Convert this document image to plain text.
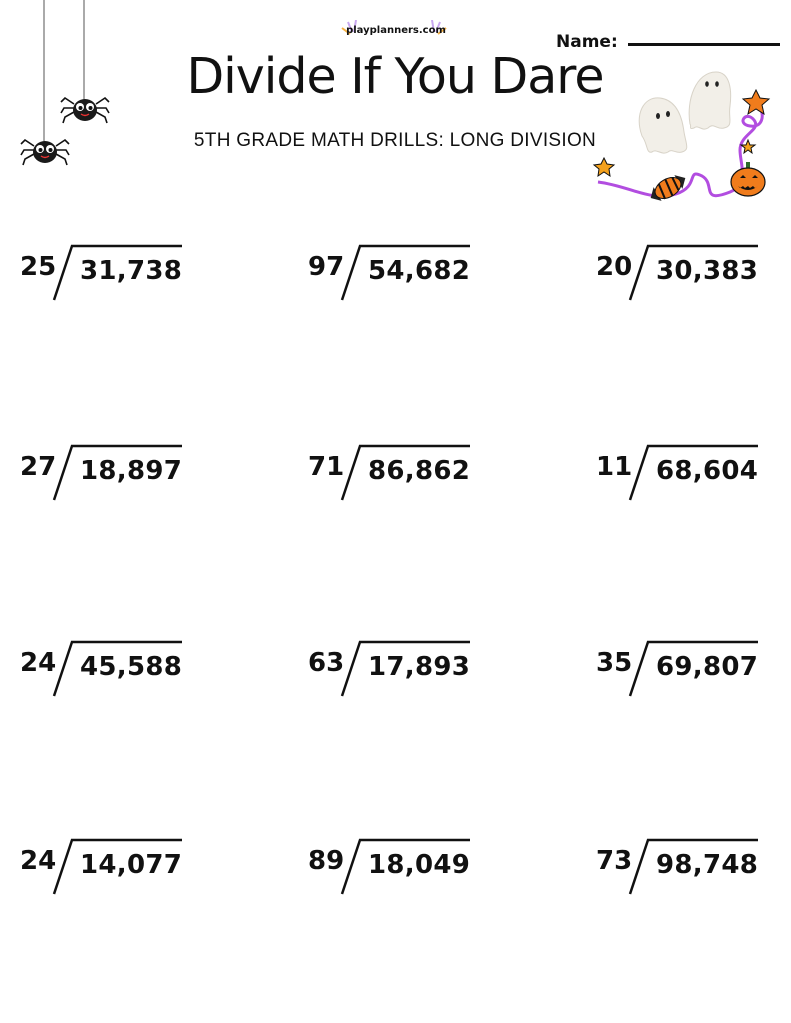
playplanners.com
Divide If You Dare
5TH GRADE MATH DRILLS: LONG DIVISION
Name:
25 31,738	97 54,682	20 30,383
27 18,897	71 86,862	11 68,604
24 45,588	63 17,893	35 69,807
24 14,077	89 18,049	73 98,748
